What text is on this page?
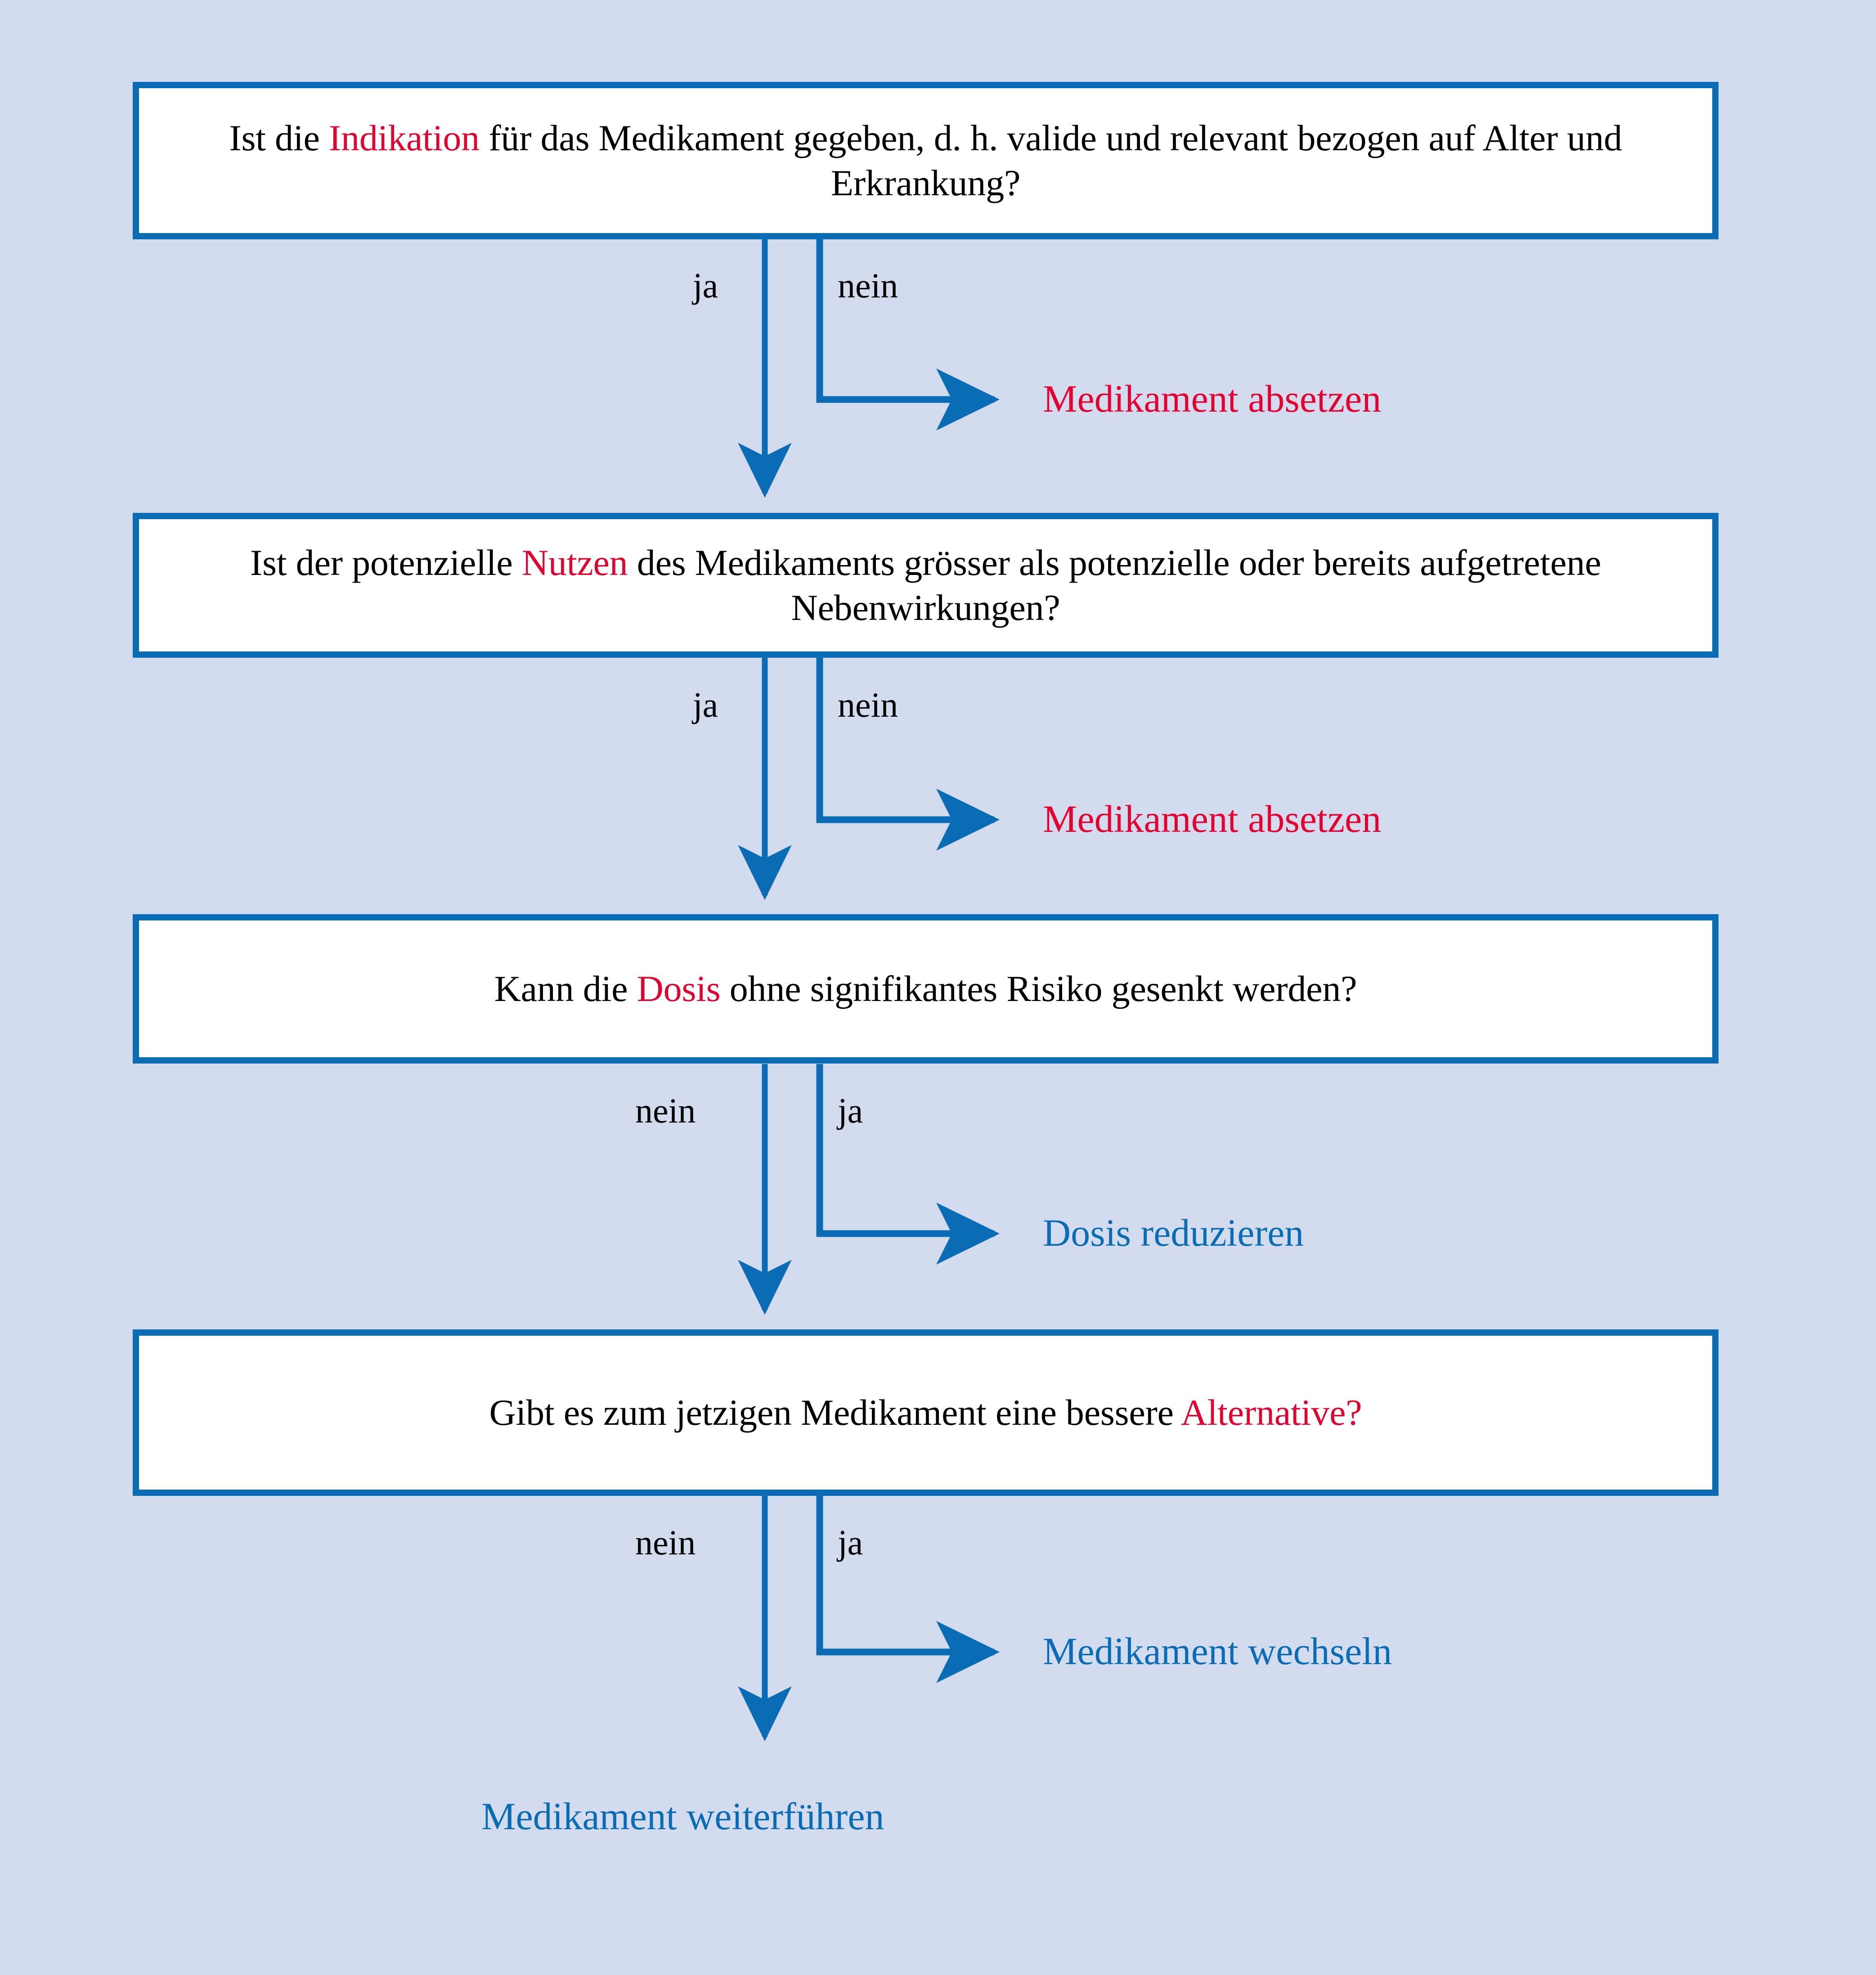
Ist die Indikation für das Medikament gegeben, d. h. valide und relevant bezogen auf Alter und Erkrankung?
ja	nein
Medikament absetzen
Ist der potenzielle Nutzen des Medikaments grösser als potenzielle oder bereits aufgetretene Nebenwirkungen?
ja	nein
Medikament absetzen
Kann die Dosis ohne signifikantes Risiko gesenkt werden?
nein	ja
Dosis reduzieren
Gibt es zum jetzigen Medikament eine bessere Alternative?
nein	ja
Medikament wechseln
Medikament weiterführen
